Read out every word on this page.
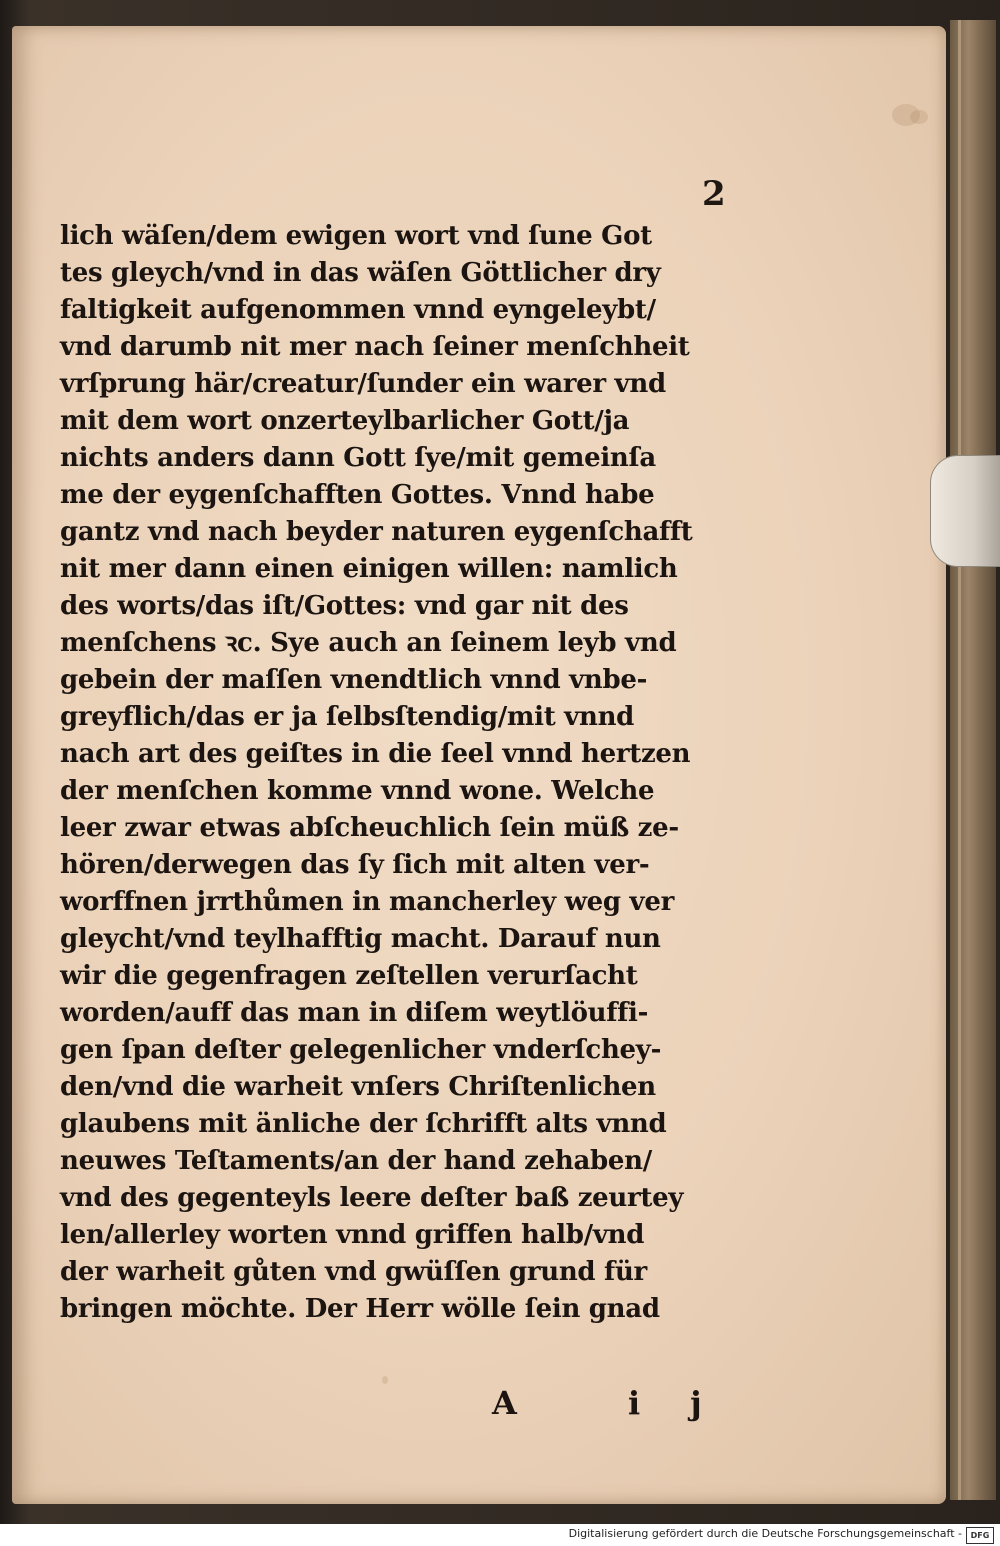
2
lich wäſen/dem ewigen wort vnd ſune Got
tes gleych/vnd in das wäſen Göttlicher dry
faltigkeit aufgenommen vnnd eyngeleybt/
vnd darumb nit mer nach ſeiner menſchheit
vrſprung här/creatur/ſunder ein warer vnd
mit dem wort onzerteylbarlicher Gott/ja
nichts anders dann Gott ſye/mit gemeinſa
me der eygenſchafften Gottes. Vnnd habe
gantz vnd nach beyder naturen eygenſchafft
nit mer dann einen einigen willen: namlich
des worts/das iſt/Gottes: vnd gar nit des
menſchens ꝛc. Sye auch an ſeinem leyb vnd
gebein der maſſen vnendtlich vnnd vnbe-
greyflich/das er ja ſelbsſtendig/mit vnnd
nach art des geiſtes in die ſeel vnnd hertzen
der menſchen komme vnnd wone. Welche
leer zwar etwas abſcheuchlich ſein müß ze-
hören/derwegen das ſy ſich mit alten ver-
worffnen jrrthůmen in mancherley weg ver
gleycht/vnd teylhafftig macht. Darauf nun
wir die gegenfragen zeſtellen verurſacht
worden/auff das man in diſem weytlöuffi-
gen ſpan deſter gelegenlicher vnderſchey-
den/vnd die warheit vnſers Chriſtenlichen
glaubens mit änliche der ſchrifft alts vnnd
neuwes Teſtaments/an der hand zehaben/
vnd des gegenteyls leere deſter baß zeurtey
len/allerley worten vnnd griffen halb/vnd
der warheit gůten vnd gwüſſen grund für
bringen möchte. Der Herr wölle ſein gnad
A ij
Digitalisierung gefördert durch die Deutsche Forschungsgemeinschaft -	DFG
